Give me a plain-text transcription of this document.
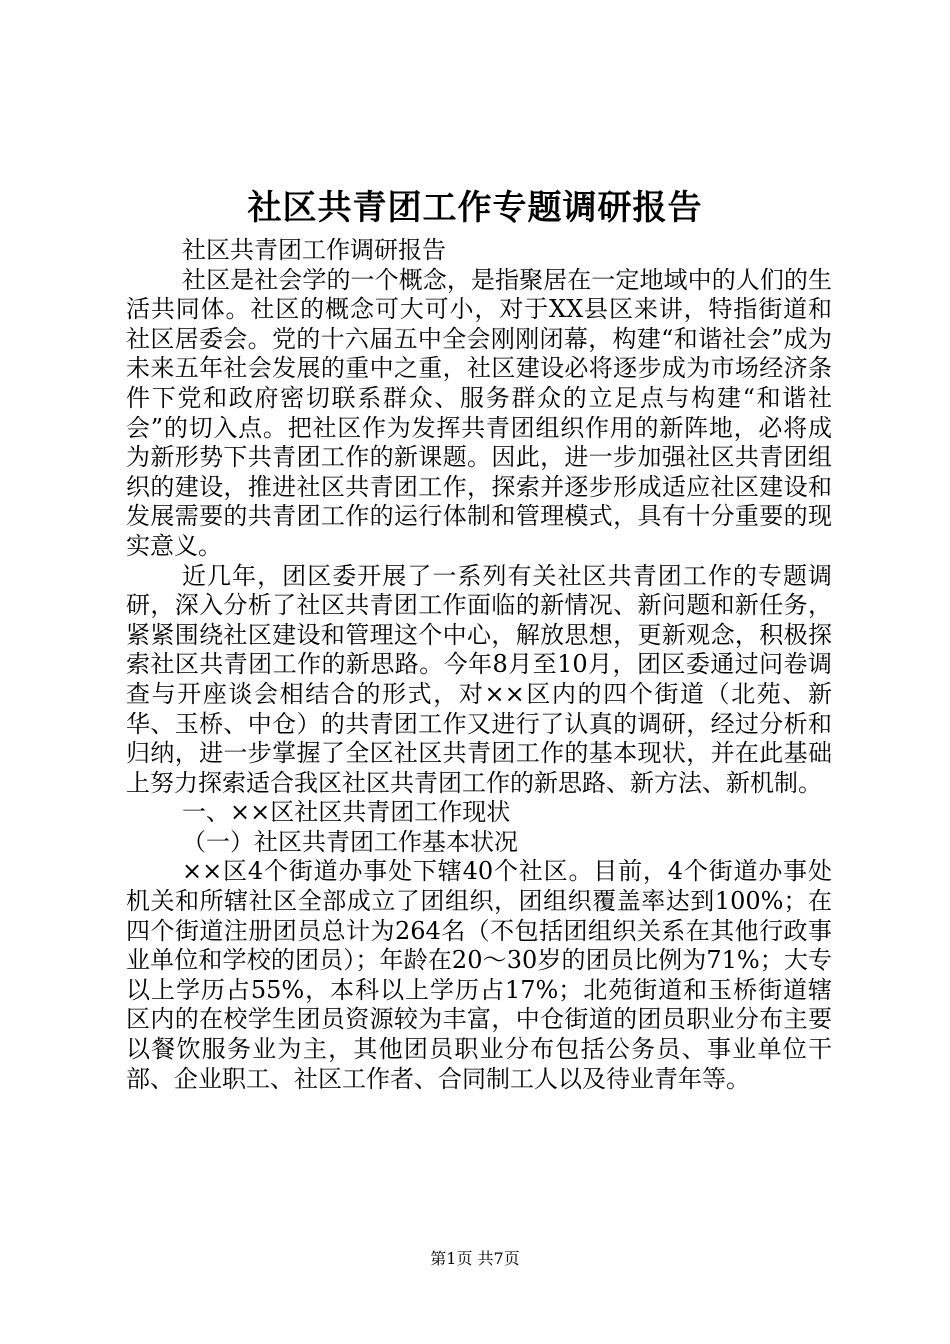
社区共青团工作专题调研报告

社区共青团工作调研报告

社区是社会学的一个概念，是指聚居在一定地域中的人们的生活共同体。社区的概念可大可小，对于XX县区来讲，特指街道和社区居委会。党的十六届五中全会刚刚闭幕，构建“和谐社会”成为未来五年社会发展的重中之重，社区建设必将逐步成为市场经济条件下党和政府密切联系群众、服务群众的立足点与构建“和谐社会”的切入点。把社区作为发挥共青团组织作用的新阵地，必将成为新形势下共青团工作的新课题。因此，进一步加强社区共青团组织的建设，推进社区共青团工作，探索并逐步形成适应社区建设和发展需要的共青团工作的运行体制和管理模式，具有十分重要的现实意义。

近几年，团区委开展了一系列有关社区共青团工作的专题调研，深入分析了社区共青团工作面临的新情况、新问题和新任务，紧紧围绕社区建设和管理这个中心，解放思想，更新观念，积极探索社区共青团工作的新思路。今年8月至10月，团区委通过问卷调查与开座谈会相结合的形式，对××区内的四个街道（北苑、新华、玉桥、中仓）的共青团工作又进行了认真的调研，经过分析和归纳，进一步掌握了全区社区共青团工作的基本现状，并在此基础上努力探索适合我区社区共青团工作的新思路、新方法、新机制。

一、××区社区共青团工作现状

（一）社区共青团工作基本状况

××区4个街道办事处下辖40个社区。目前，4个街道办事处机关和所辖社区全部成立了团组织，团组织覆盖率达到100%；在四个街道注册团员总计为264名（不包括团组织关系在其他行政事业单位和学校的团员）；年龄在20～30岁的团员比例为71%；大专以上学历占55%，本科以上学历占17%；北苑街道和玉桥街道辖区内的在校学生团员资源较为丰富，中仓街道的团员职业分布主要以餐饮服务业为主，其他团员职业分布包括公务员、事业单位干部、企业职工、社区工作者、合同制工人以及待业青年等。

第1页 共7页
